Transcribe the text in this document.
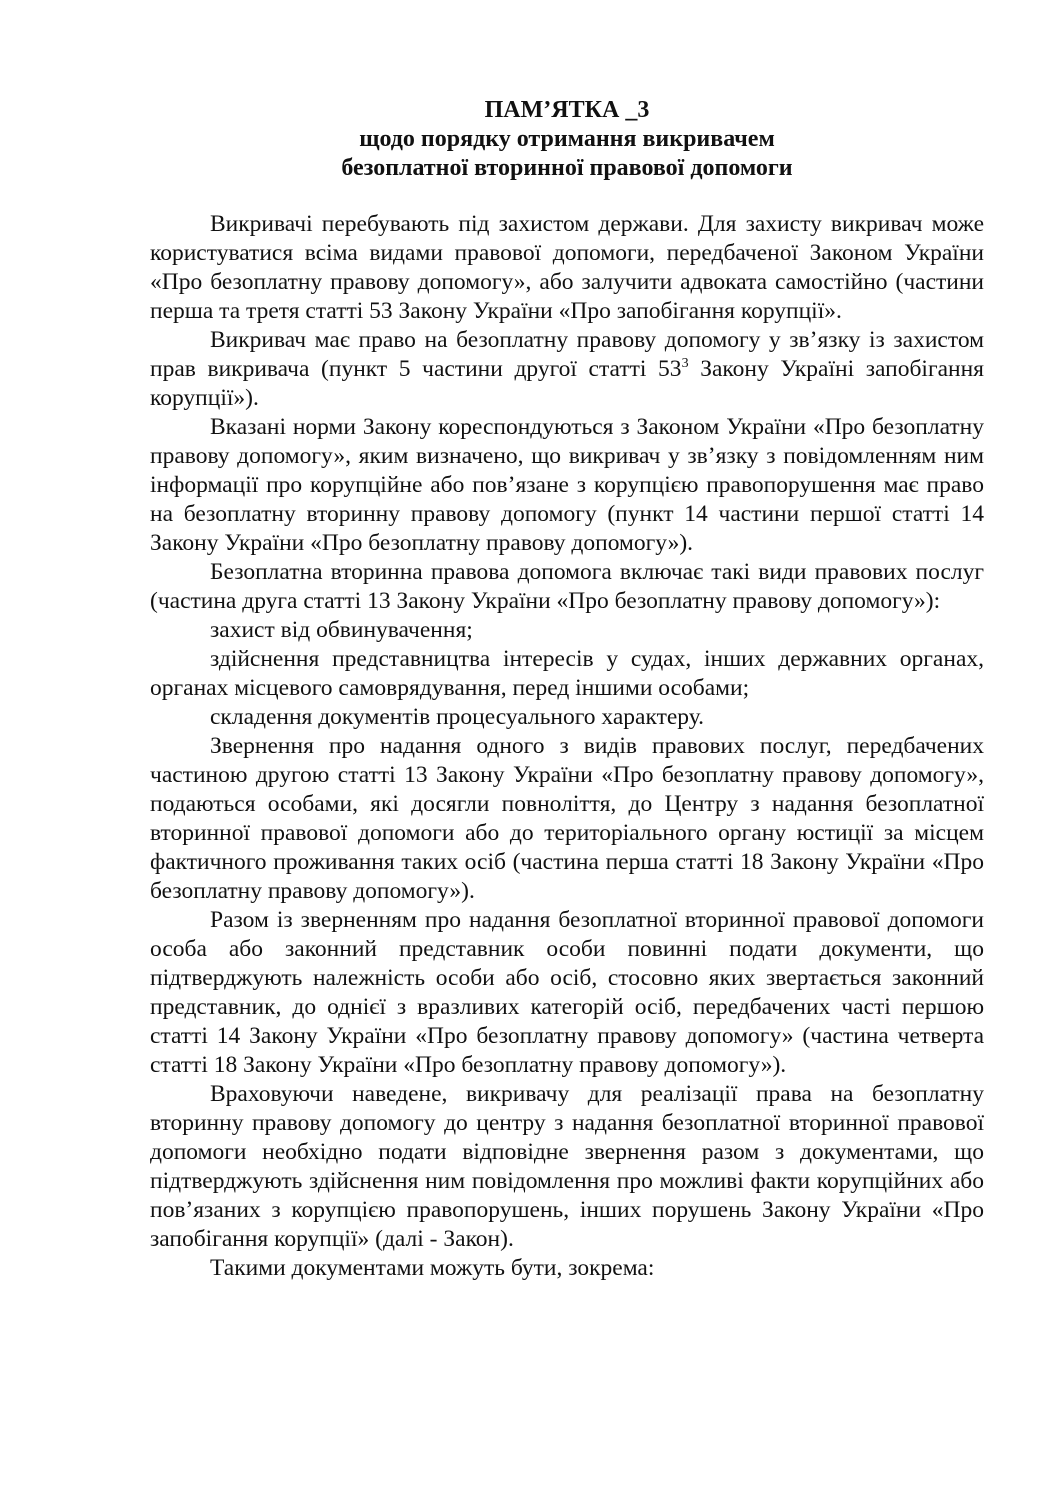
ПАМ’ЯТКА _3
щодо порядку отримання викривачем
безоплатної вторинної правової допомоги

Викривачі перебувають під захистом держави. Для захисту викривач може користуватися всіма видами правової допомоги, передбаченої Законом України «Про безоплатну правову допомогу», або залучити адвоката самостійно (частини перша та третя статті 53 Закону України «Про запобігання корупції».

Викривач має право на безоплатну правову допомогу у зв’язку із захистом прав викривача (пункт 5 частини другої статті $53^3$ Закону Україні запобігання корупції»).

Вказані норми Закону кореспондуються з Законом України «Про безоплатну правову допомогу», яким визначено, що викривач у зв’язку з повідомленням ним інформації про корупційне або пов’язане з корупцією правопорушення має право на безоплатну вторинну правову допомогу (пункт 14 частини першої статті 14 Закону України «Про безоплатну правову допомогу»).

Безоплатна вторинна правова допомога включає такі види правових послуг (частина друга статті 13 Закону України «Про безоплатну правову допомогу»):

захист від обвинувачення;

здійснення представництва інтересів у судах, інших державних органах, органах місцевого самоврядування, перед іншими особами;

складення документів процесуального характеру.

Звернення про надання одного з видів правових послуг, передбачених частиною другою статті 13 Закону України «Про безоплатну правову допомогу», подаються особами, які досягли повноліття, до Центру з надання безоплатної вторинної правової допомоги або до територіального органу юстиції за місцем фактичного проживання таких осіб (частина перша статті 18 Закону України «Про безоплатну правову допомогу»).

Разом із зверненням про надання безоплатної вторинної правової допомоги особа або законний представник особи повинні подати документи, що підтверджують належність особи або осіб, стосовно яких звертається законний представник, до однієї з вразливих категорій осіб, передбачених часті першою статті 14 Закону України «Про безоплатну правову допомогу» (частина четверта статті 18 Закону України «Про безоплатну правову допомогу»).

Враховуючи наведене, викривачу для реалізації права на безоплатну вторинну правову допомогу до центру з надання безоплатної вторинної правової допомоги необхідно подати відповідне звернення разом з документами, що підтверджують здійснення ним повідомлення про можливі факти корупційних або пов’язаних з корупцією правопорушень, інших порушень Закону України «Про запобігання корупції» (далі - Закон).

Такими документами можуть бути, зокрема:
